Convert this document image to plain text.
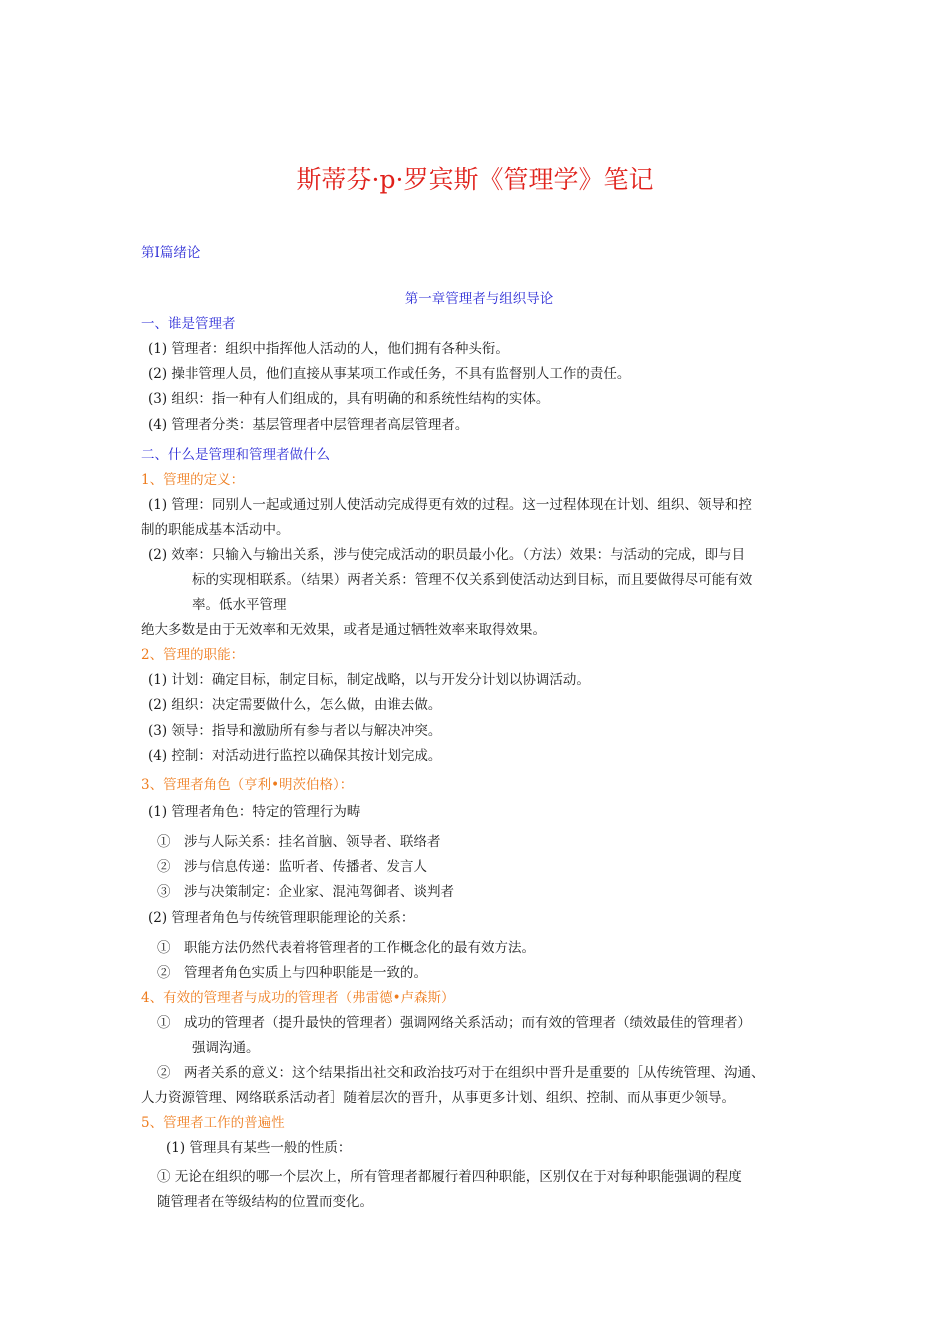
斯蒂芬·p·罗宾斯《管理学》笔记

第Ⅰ篇绪论

第一章管理者与组织导论

一、谁是管理者

(1) 管理者：组织中指挥他人活动的人，他们拥有各种头衔。

(2) 操非管理人员，他们直接从事某项工作或任务，不具有监督别人工作的责任。

(3) 组织：指一种有人们组成的，具有明确的和系统性结构的实体。

(4) 管理者分类：基层管理者中层管理者高层管理者。

二、什么是管理和管理者做什么

1、管理的定义：

(1) 管理：同别人一起或通过别人使活动完成得更有效的过程。这一过程体现在计划、组织、领导和控

制的职能成基本活动中。

(2) 效率：只输入与输出关系，涉与使完成活动的职员最小化。（方法）效果：与活动的完成，即与目

标的实现相联系。（结果）两者关系：管理不仅关系到使活动达到目标，而且要做得尽可能有效

率。低水平管理

绝大多数是由于无效率和无效果，或者是通过牺牲效率来取得效果。

2、管理的职能：

(1) 计划：确定目标，制定目标，制定战略，以与开发分计划以协调活动。

(2) 组织：决定需要做什么，怎么做，由谁去做。

(3) 领导：指导和激励所有参与者以与解决冲突。

(4) 控制：对活动进行监控以确保其按计划完成。

3、管理者角色（亨利•明茨伯格）：

(1) 管理者角色：特定的管理行为畴

①　涉与人际关系：挂名首脑、领导者、联络者

②　涉与信息传递：监听者、传播者、发言人

③　涉与决策制定：企业家、混沌驾御者、谈判者

(2) 管理者角色与传统管理职能理论的关系：

①　职能方法仍然代表着将管理者的工作概念化的最有效方法。

②　管理者角色实质上与四种职能是一致的。

4、有效的管理者与成功的管理者（弗雷德•卢森斯）

①　成功的管理者（提升最快的管理者）强调网络关系活动；而有效的管理者（绩效最佳的管理者）

强调沟通。

②　两者关系的意义：这个结果指出社交和政治技巧对于在组织中晋升是重要的［从传统管理、沟通、

人力资源管理、网络联系活动者］随着层次的晋升，从事更多计划、组织、控制、而从事更少领导。

5、管理者工作的普遍性

(1) 管理具有某些一般的性质：

① 无论在组织的哪一个层次上，所有管理者都履行着四种职能，区别仅在于对每种职能强调的程度

随管理者在等级结构的位置而变化。
